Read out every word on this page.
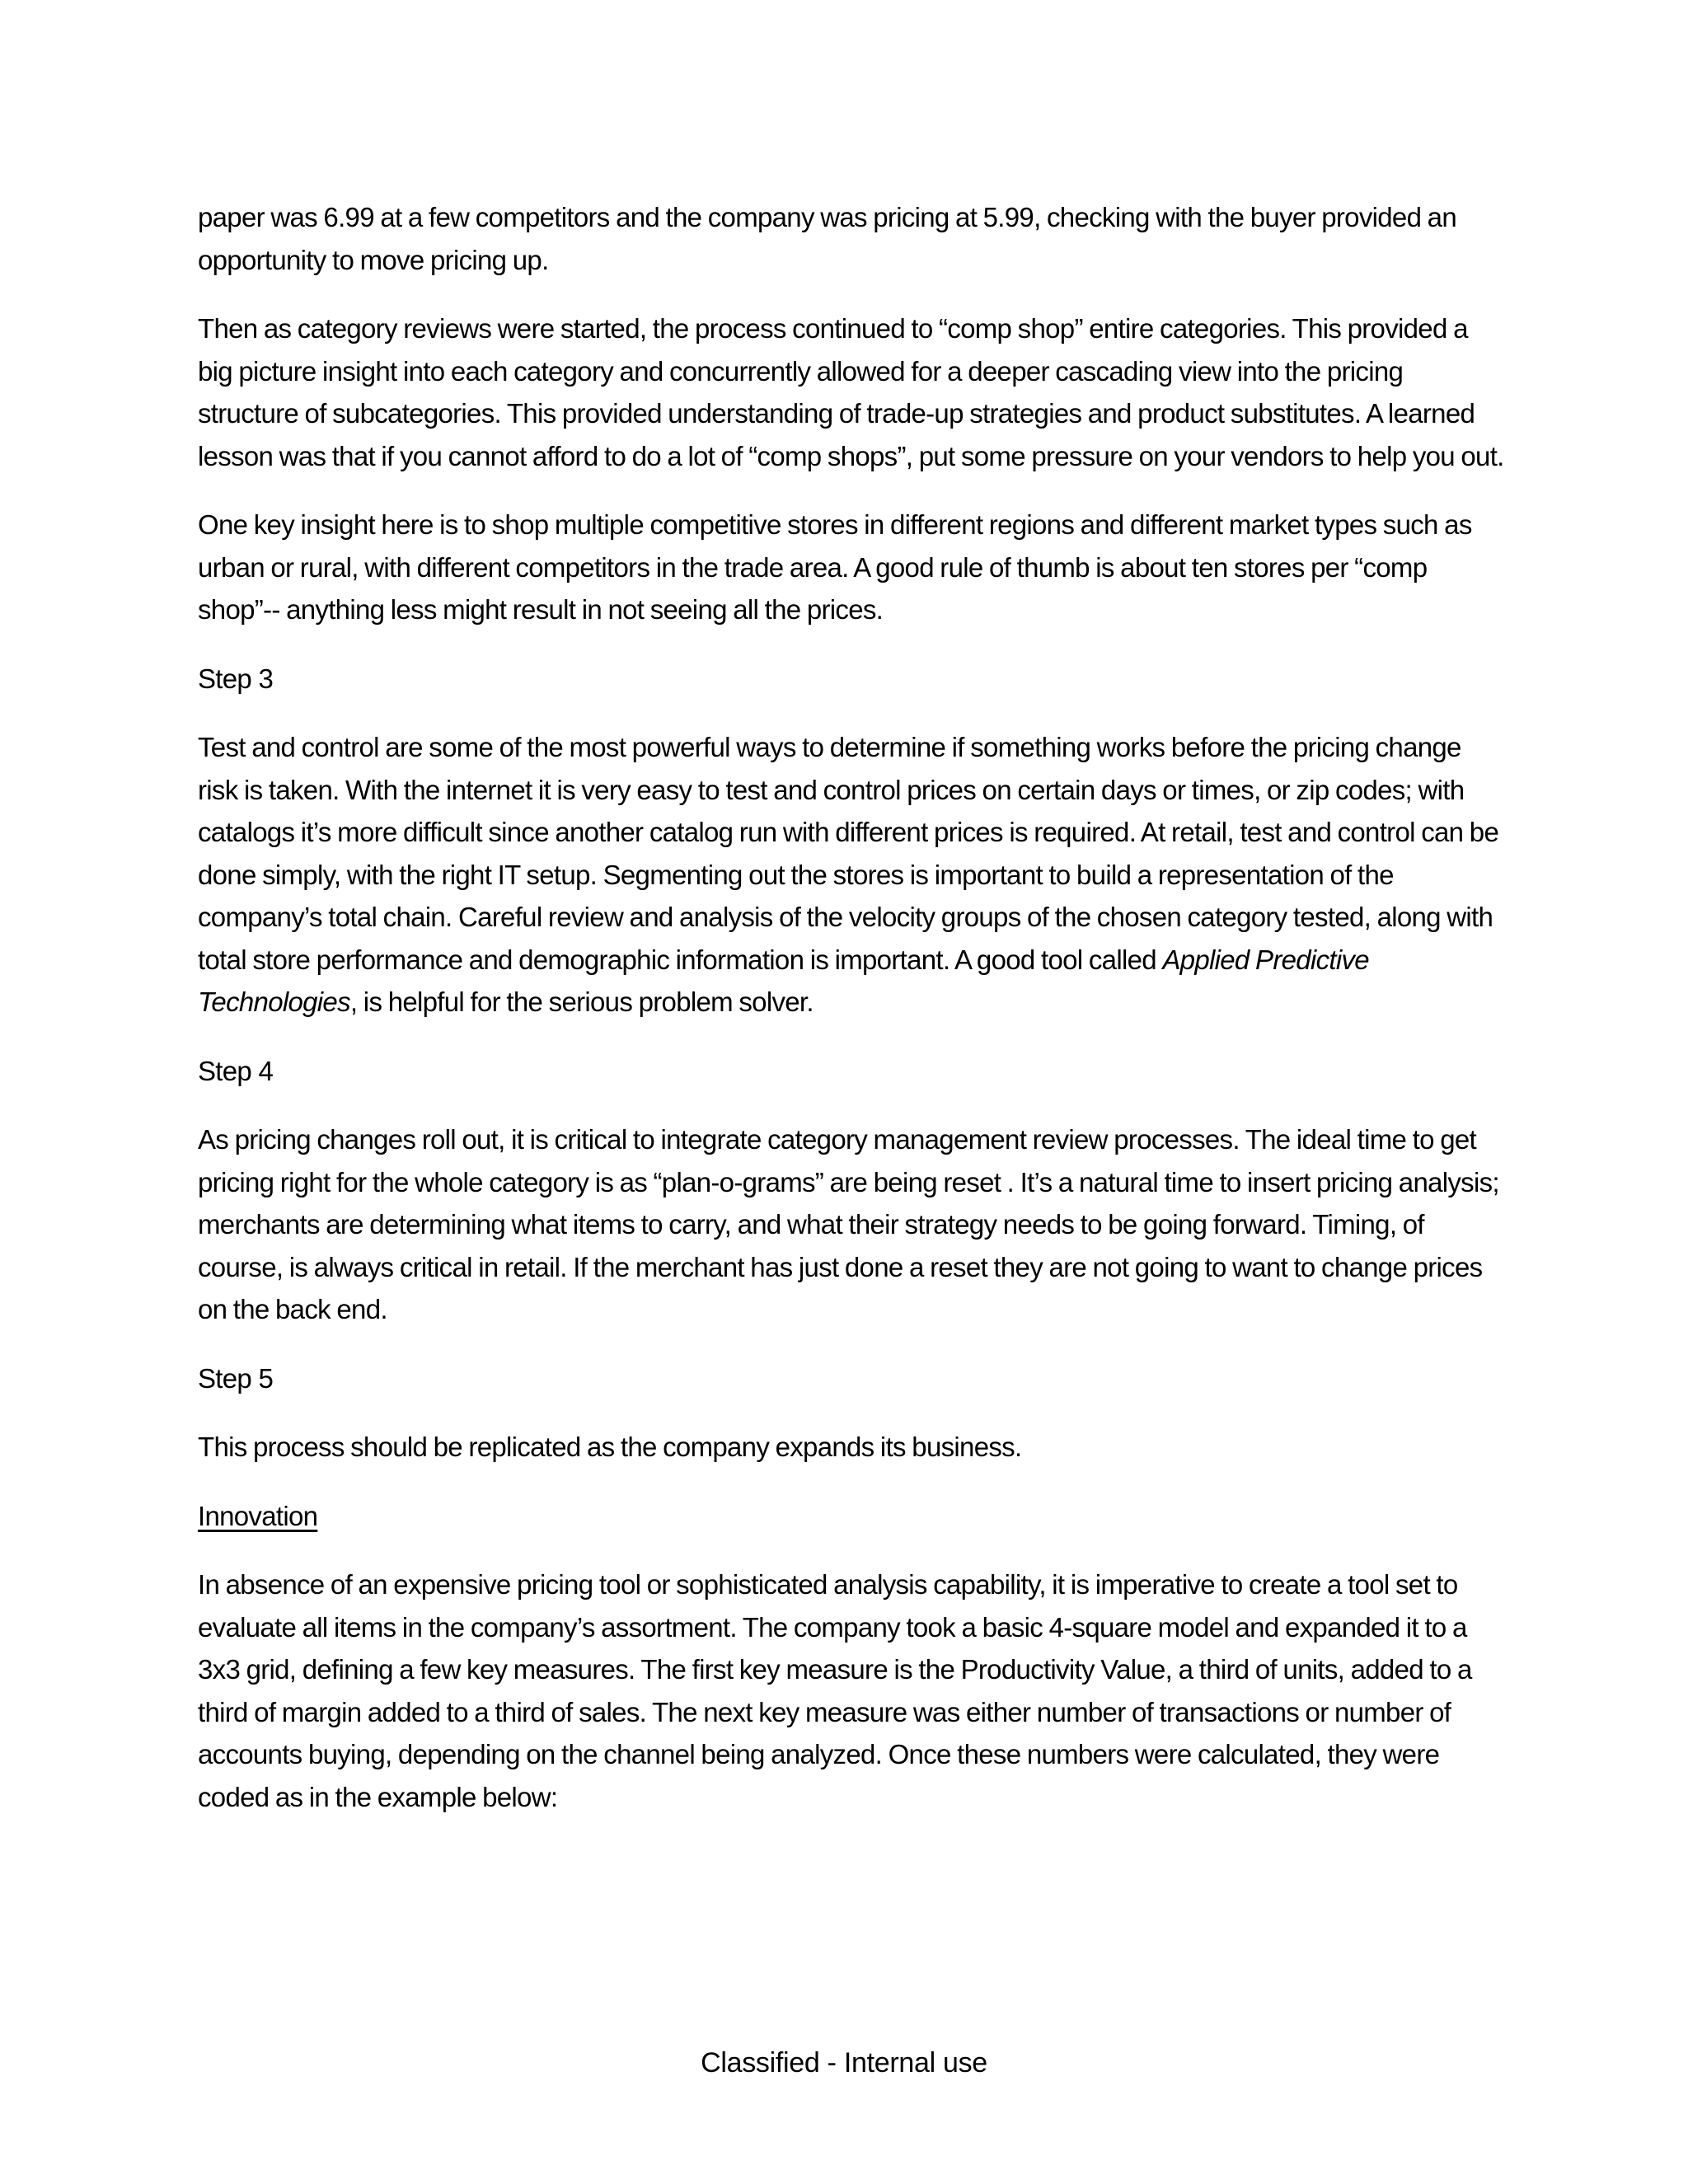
paper was 6.99 at a few competitors and the company was pricing at 5.99, checking with the buyer provided an opportunity to move pricing up.

Then as category reviews were started, the process continued to “comp shop” entire categories. This provided a big picture insight into each category and concurrently allowed for a deeper cascading view into the pricing structure of subcategories. This provided understanding of trade-up strategies and product substitutes. A learned lesson was that if you cannot afford to do a lot of “comp shops”, put some pressure on your vendors to help you out.

One key insight here is to shop multiple competitive stores in different regions and different market types such as urban or rural, with different competitors in the trade area. A good rule of thumb is about ten stores per “comp shop”-- anything less might result in not seeing all the prices.

Step 3

Test and control are some of the most powerful ways to determine if something works before the pricing change risk is taken. With the internet it is very easy to test and control prices on certain days or times, or zip codes; with catalogs it’s more difficult since another catalog run with different prices is required. At retail, test and control can be done simply, with the right IT setup. Segmenting out the stores is important to build a representation of the company’s total chain. Careful review and analysis of the velocity groups of the chosen category tested, along with total store performance and demographic information is important. A good tool called Applied Predictive Technologies, is helpful for the serious problem solver.

Step 4

As pricing changes roll out, it is critical to integrate category management review processes. The ideal time to get pricing right for the whole category is as “plan-o-grams” are being reset . It’s a natural time to insert pricing analysis; merchants are determining what items to carry, and what their strategy needs to be going forward. Timing, of course, is always critical in retail. If the merchant has just done a reset they are not going to want to change prices on the back end.

Step 5

This process should be replicated as the company expands its business.

Innovation

In absence of an expensive pricing tool or sophisticated analysis capability, it is imperative to create a tool set to evaluate all items in the company’s assortment. The company took a basic 4-square model and expanded it to a 3x3 grid, defining a few key measures. The first key measure is the Productivity Value, a third of units, added to a third of margin added to a third of sales. The next key measure was either number of transactions or number of accounts buying, depending on the channel being analyzed. Once these numbers were calculated, they were coded as in the example below:

Classified - Internal use
